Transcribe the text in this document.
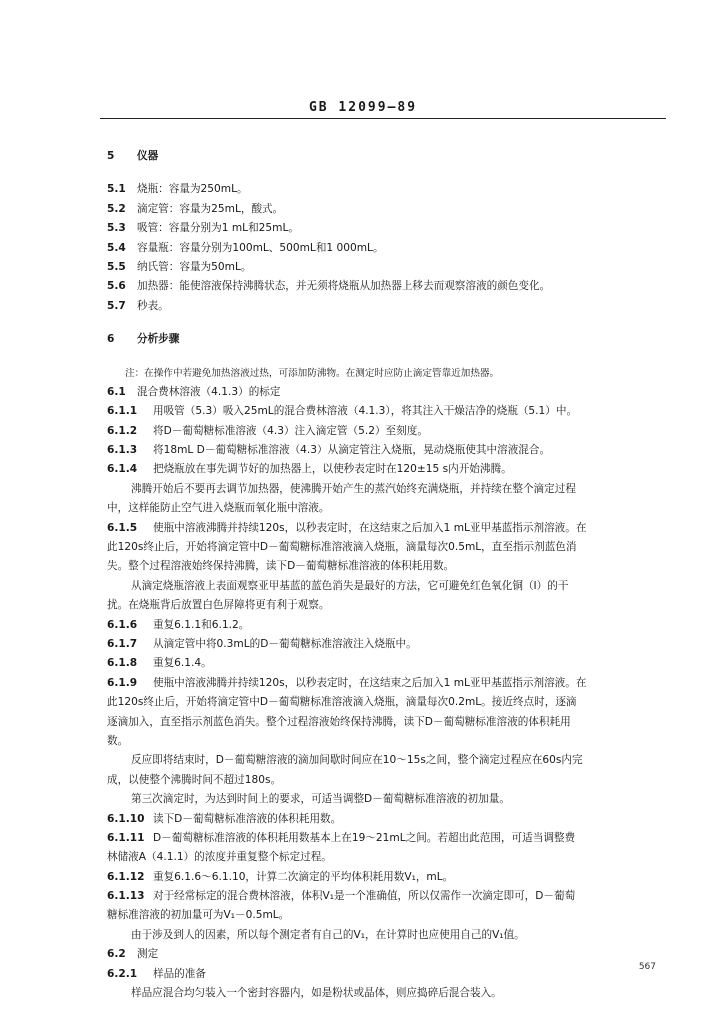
GB 12099—89
5 仪器
5.1 烧瓶：容量为250mL。
5.2 滴定管：容量为25mL，酸式。
5.3 吸管：容量分别为1 mL和25mL。
5.4 容量瓶：容量分别为100mL、500mL和1 000mL。
5.5 纳氏管：容量为50mL。
5.6 加热器：能使溶液保持沸腾状态，并无须将烧瓶从加热器上移去而观察溶液的颜色变化。
5.7 秒表。
6 分析步骤
注：在操作中若避免加热溶液过热，可添加防沸物。在测定时应防止滴定管靠近加热器。
6.1 混合费林溶液（4.1.3）的标定
6.1.1 用吸管（5.3）吸入25mL的混合费林溶液（4.1.3），将其注入干燥洁净的烧瓶（5.1）中。
6.1.2 将D－葡萄糖标准溶液（4.3）注入滴定管（5.2）至刻度。
6.1.3 将18mL D－葡萄糖标准溶液（4.3）从滴定管注入烧瓶，晃动烧瓶使其中溶液混合。
6.1.4 把烧瓶放在事先调节好的加热器上，以使秒表定时在120±15 s内开始沸腾。
沸腾开始后不要再去调节加热器，使沸腾开始产生的蒸汽始终充满烧瓶，并持续在整个滴定过程
中，这样能防止空气进入烧瓶而氧化瓶中溶液。
6.1.5 使瓶中溶液沸腾并持续120s，以秒表定时，在这结束之后加入1 mL亚甲基蓝指示剂溶液。在
此120s终止后，开始将滴定管中D－葡萄糖标准溶液滴入烧瓶，滴量每次0.5mL，直至指示剂蓝色消
失。整个过程溶液始终保持沸腾，读下D－葡萄糖标准溶液的体积耗用数。
从滴定烧瓶溶液上表面观察亚甲基蓝的蓝色消失是最好的方法，它可避免红色氧化铜（Ⅰ）的干
扰。在烧瓶背后放置白色屏障将更有利于观察。
6.1.6 重复6.1.1和6.1.2。
6.1.7 从滴定管中将0.3mL的D－葡萄糖标准溶液注入烧瓶中。
6.1.8 重复6.1.4。
6.1.9 使瓶中溶液沸腾并持续120s，以秒表定时，在这结束之后加入1 mL亚甲基蓝指示剂溶液。在
此120s终止后，开始将滴定管中D－葡萄糖标准溶液滴入烧瓶，滴量每次0.2mL。接近终点时，逐滴
逐滴加入，直至指示剂蓝色消失。整个过程溶液始终保持沸腾，读下D－葡萄糖标准溶液的体积耗用
数。
反应即将结束时，D－葡萄糖溶液的滴加间歇时间应在10～15s之间，整个滴定过程应在60s内完
成，以使整个沸腾时间不超过180s。
第三次滴定时，为达到时间上的要求，可适当调整D－葡萄糖标准溶液的初加量。
6.1.10 读下D－葡萄糖标准溶液的体积耗用数。
6.1.11 D－葡萄糖标准溶液的体积耗用数基本上在19～21mL之间。若超出此范围，可适当调整费
林储液A（4.1.1）的浓度并重复整个标定过程。
6.1.12 重复6.1.6～6.1.10，计算二次滴定的平均体积耗用数V₁，mL。
6.1.13 对于经常标定的混合费林溶液，体积V₁是一个准确值，所以仅需作一次滴定即可，D－葡萄
糖标准溶液的初加量可为V₁－0.5mL。
由于涉及到人的因素，所以每个测定者有自己的V₁，在计算时也应使用自己的V₁值。
6.2 测定
6.2.1 样品的准备
样品应混合均匀装入一个密封容器内，如是粉状或晶体，则应捣碎后混合装入。
567
